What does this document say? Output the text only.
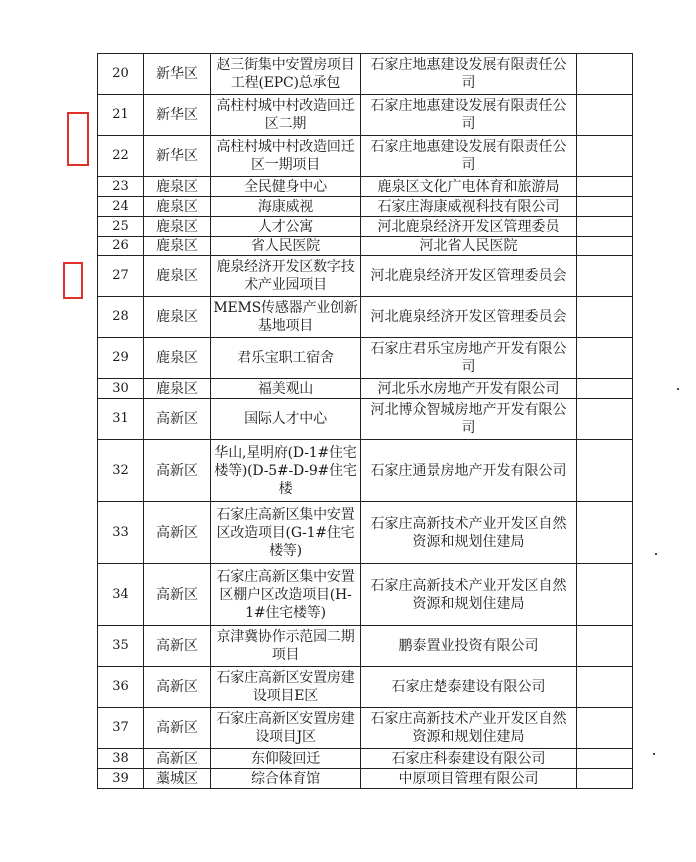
20	新华区	赵三街集中安置房项目工程(EPC)总承包	石家庄地惠建设发展有限责任公司	
21	新华区	高柱村城中村改造回迁区二期	石家庄地惠建设发展有限责任公司	
22	新华区	高柱村城中村改造回迁区一期项目	石家庄地惠建设发展有限责任公司	
23	鹿泉区	全民健身中心	鹿泉区文化广电体育和旅游局	
24	鹿泉区	海康威视	石家庄海康威视科技有限公司	
25	鹿泉区	人才公寓	河北鹿泉经济开发区管理委员	
26	鹿泉区	省人民医院	河北省人民医院	
27	鹿泉区	鹿泉经济开发区数字技术产业园项目	河北鹿泉经济开发区管理委员会	
28	鹿泉区	MEMS传感器产业创新基地项目	河北鹿泉经济开发区管理委员会	
29	鹿泉区	君乐宝职工宿舍	石家庄君乐宝房地产开发有限公司	
30	鹿泉区	福美观山	河北乐水房地产开发有限公司	
31	高新区	国际人才中心	河北博众智城房地产开发有限公司	
32	高新区	华山,星明府(D-1#住宅楼等)(D-5#-D-9#住宅楼	石家庄通景房地产开发有限公司	
33	高新区	石家庄高新区集中安置区改造项目(G-1#住宅楼等)	石家庄高新技术产业开发区自然资源和规划住建局	
34	高新区	石家庄高新区集中安置区棚户区改造项目(H-1#住宅楼等)	石家庄高新技术产业开发区自然资源和规划住建局	
35	高新区	京津冀协作示范园二期项目	鹏泰置业投资有限公司	
36	高新区	石家庄高新区安置房建设项目E区	石家庄楚泰建设有限公司	
37	高新区	石家庄高新区安置房建设项目J区	石家庄高新技术产业开发区自然资源和规划住建局	
38	高新区	东仰陵回迁	石家庄科泰建设有限公司	
39	藁城区	综合体育馆	中原项目管理有限公司	
